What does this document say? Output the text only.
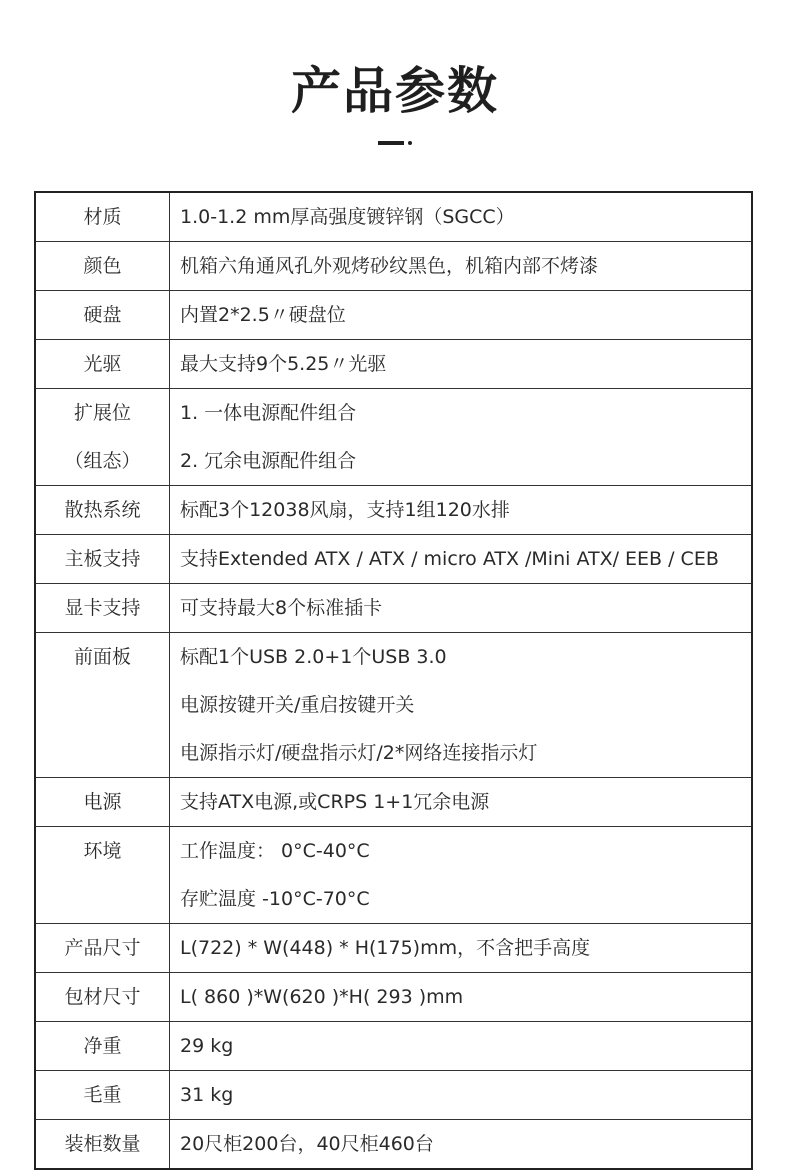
产品参数
材质	1.0-1.2 mm厚高强度镀锌钢（SGCC）

颜色	机箱六角通风孔外观烤砂纹黑色，机箱内部不烤漆

硬盘	内置2*2.5〃硬盘位

光驱	最大支持9个5.25〃光驱

扩展位
（组态）	1. 一体电源配件组合
2. 冗余电源配件组合

散热系统	标配3个12038风扇，支持1组120水排

主板支持	支持Extended ATX / ATX / micro ATX /Mini ATX/ EEB / CEB

显卡支持	可支持最大8个标准插卡

前面板	标配1个USB 2.0+1个USB 3.0
电源按键开关/重启按键开关
电源指示灯/硬盘指示灯/2*网络连接指示灯

电源	支持ATX电源,或CRPS 1+1冗余电源

环境	工作温度： 0°C-40°C
存贮温度 -10°C-70°C

产品尺寸	L(722) * W(448) * H(175)mm，不含把手高度

包材尺寸	L( 860 )*W(620 )*H( 293 )mm

净重	29 kg

毛重	31 kg

装柜数量	20尺柜200台，40尺柜460台
